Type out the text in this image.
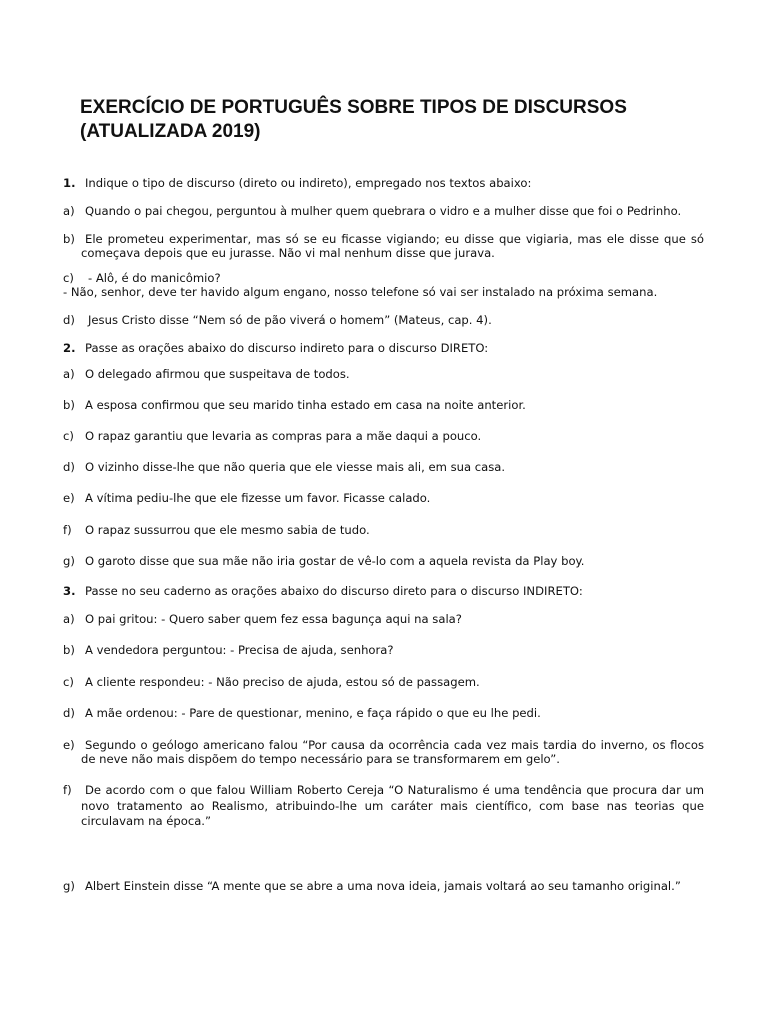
EXERCÍCIO DE PORTUGUÊS SOBRE TIPOS DE DISCURSOS
(ATUALIZADA 2019)
1. Indique o tipo de discurso (direto ou indireto), empregado nos textos abaixo:
a) Quando o pai chegou, perguntou à mulher quem quebrara o vidro e a mulher disse que foi o Pedrinho.
b) Ele prometeu experimentar, mas só se eu ficasse vigiando; eu disse que vigiaria, mas ele disse que só
começava depois que eu jurasse. Não vi mal nenhum disse que jurava.
c) - Alô, é do manicômio?
- Não, senhor, deve ter havido algum engano, nosso telefone só vai ser instalado na próxima semana.
d) Jesus Cristo disse “Nem só de pão viverá o homem” (Mateus, cap. 4).
2. Passe as orações abaixo do discurso indireto para o discurso DIRETO:
a) O delegado afirmou que suspeitava de todos.
b) A esposa confirmou que seu marido tinha estado em casa na noite anterior.
c) O rapaz garantiu que levaria as compras para a mãe daqui a pouco.
d) O vizinho disse-lhe que não queria que ele viesse mais ali, em sua casa.
e) A vítima pediu-lhe que ele fizesse um favor. Ficasse calado.
f) O rapaz sussurrou que ele mesmo sabia de tudo.
g) O garoto disse que sua mãe não iria gostar de vê-lo com a aquela revista da Play boy.
3. Passe no seu caderno as orações abaixo do discurso direto para o discurso INDIRETO:
a) O pai gritou: - Quero saber quem fez essa bagunça aqui na sala?
b) A vendedora perguntou: - Precisa de ajuda, senhora?
c) A cliente respondeu: - Não preciso de ajuda, estou só de passagem.
d) A mãe ordenou: - Pare de questionar, menino, e faça rápido o que eu lhe pedi.
e) Segundo o geólogo americano falou “Por causa da ocorrência cada vez mais tardia do inverno, os flocos
de neve não mais dispõem do tempo necessário para se transformarem em gelo”.
f) De acordo com o que falou William Roberto Cereja “O Naturalismo é uma tendência que procura dar um
novo tratamento ao Realismo, atribuindo-lhe um caráter mais científico, com base nas teorias que
circulavam na época.”
g) Albert Einstein disse “A mente que se abre a uma nova ideia, jamais voltará ao seu tamanho original.”
